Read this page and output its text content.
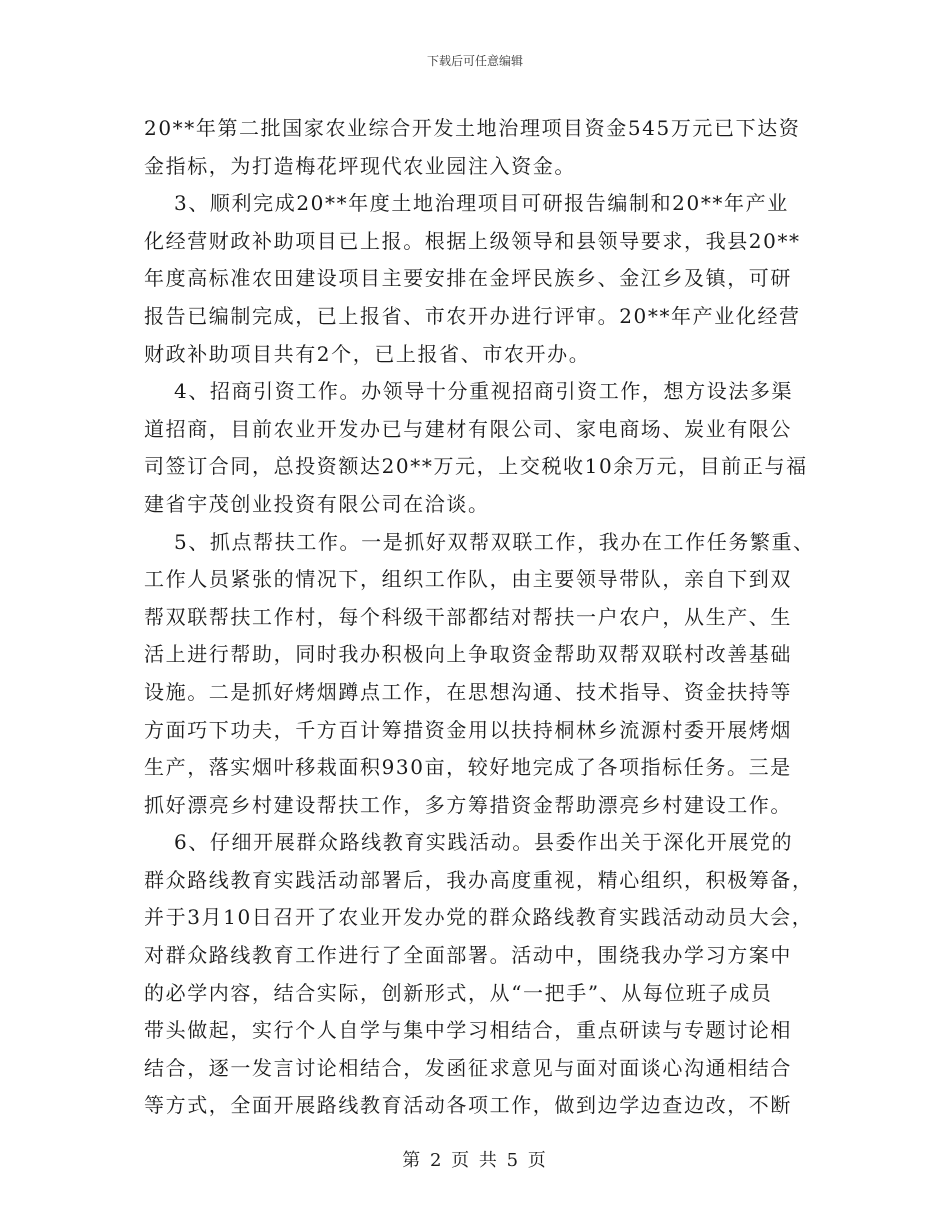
下载后可任意编辑
20**年第二批国家农业综合开发土地治理项目资金545万元已下达资
金指标，为打造梅花坪现代农业园注入资金。
3、顺利完成20**年度土地治理项目可研报告编制和20**年产业
化经营财政补助项目已上报。根据上级领导和县领导要求，我县20**
年度高标准农田建设项目主要安排在金坪民族乡、金江乡及镇，可研
报告已编制完成，已上报省、市农开办进行评审。20**年产业化经营
财政补助项目共有2个，已上报省、市农开办。
4、招商引资工作。办领导十分重视招商引资工作，想方设法多渠
道招商，目前农业开发办已与建材有限公司、家电商场、炭业有限公
司签订合同，总投资额达20**万元，上交税收10余万元，目前正与福
建省宇茂创业投资有限公司在洽谈。
5、抓点帮扶工作。一是抓好双帮双联工作，我办在工作任务繁重、
工作人员紧张的情况下，组织工作队，由主要领导带队，亲自下到双
帮双联帮扶工作村，每个科级干部都结对帮扶一户农户，从生产、生
活上进行帮助，同时我办积极向上争取资金帮助双帮双联村改善基础
设施。二是抓好烤烟蹲点工作，在思想沟通、技术指导、资金扶持等
方面巧下功夫，千方百计筹措资金用以扶持桐林乡流源村委开展烤烟
生产，落实烟叶移栽面积930亩，较好地完成了各项指标任务。三是
抓好漂亮乡村建设帮扶工作，多方筹措资金帮助漂亮乡村建设工作。
6、仔细开展群众路线教育实践活动。县委作出关于深化开展党的
群众路线教育实践活动部署后，我办高度重视，精心组织，积极筹备，
并于3月10日召开了农业开发办党的群众路线教育实践活动动员大会，
对群众路线教育工作进行了全面部署。活动中，围绕我办学习方案中
的必学内容，结合实际，创新形式，从“一把手”、从每位班子成员
带头做起，实行个人自学与集中学习相结合，重点研读与专题讨论相
结合，逐一发言讨论相结合，发函征求意见与面对面谈心沟通相结合
等方式，全面开展路线教育活动各项工作，做到边学边查边改，不断
第 2 页 共 5 页
